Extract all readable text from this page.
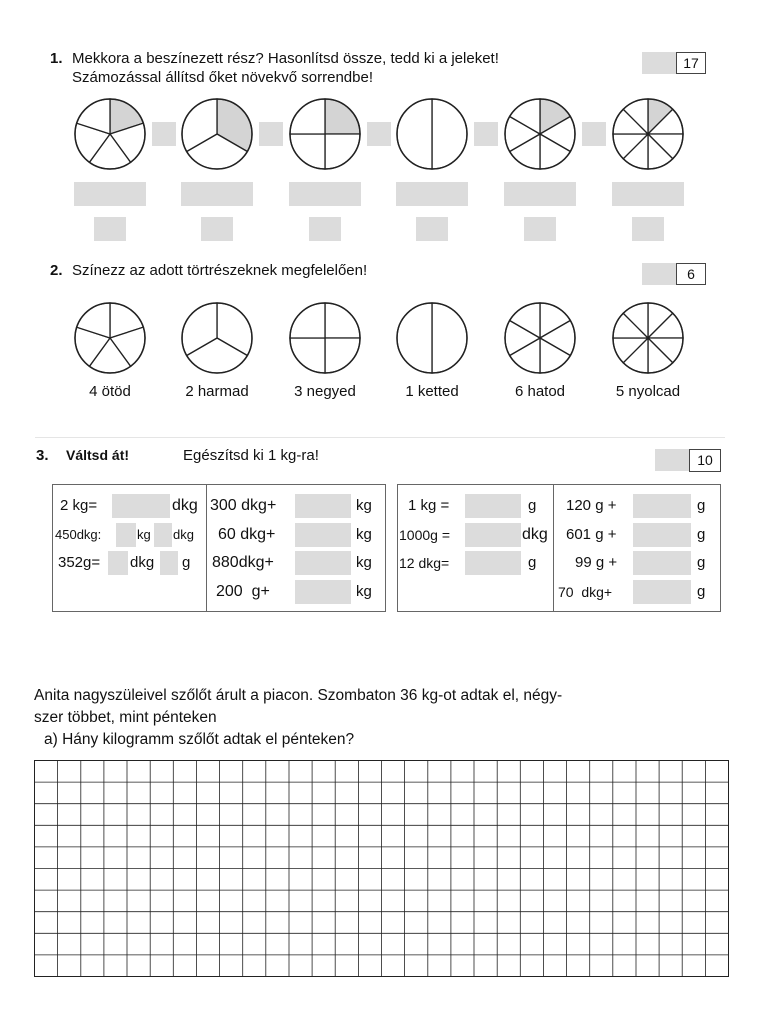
1. Mekkora a beszínezett rész? Hasonlítsd össze, tedd ki a jeleket!
Számozással állítsd őket növekvő sorrendbe!
17
2. Színezz az adott törtrészeknek megfelelően!	6
4 ötöd	2 harmad	3 negyed	1 ketted	6 hatod	5 nyolcad
3. Váltsd át!	Egészítsd ki 1 kg-ra!	10
2 kg=	dkg
450dkg:	kg dkg
352g= dkg g
300 dkg+	kg
60 dkg+	kg
880dkg+	kg
200  g+	kg
1 kg =	g
1000g =	dkg
12 dkg=	g
120 g +	g
601 g +	g
99 g +	g
70  dkg+	g
Anita nagyszüleivel szőlőt árult a piacon. Szombaton 36 kg-ot adtak el, négy-
szer többet, mint pénteken
a) Hány kilogramm szőlőt adtak el pénteken?
